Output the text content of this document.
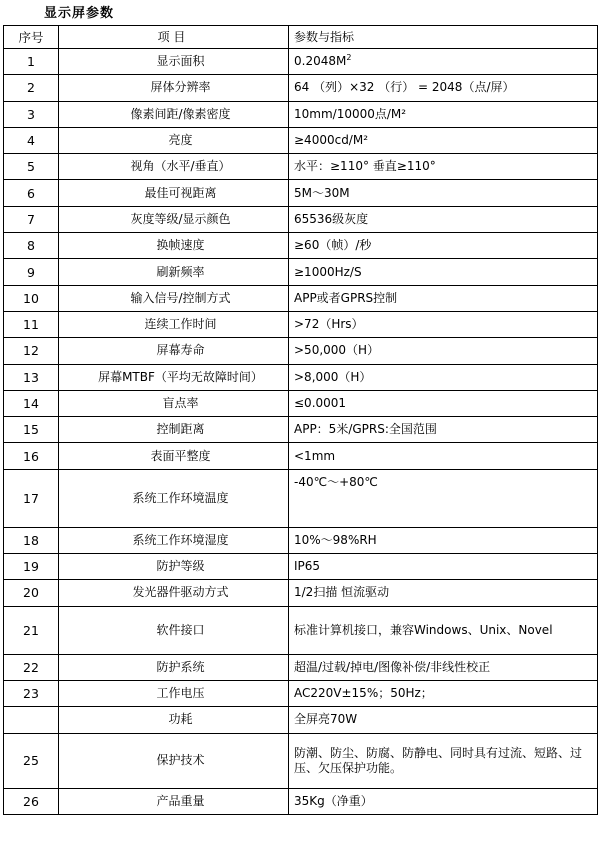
显示屏参数
序号	项 目	参数与指标
1	显示面积	$0.2048M^2$
2	屏体分辨率	64 （列）×32 （行） = 2048（点/屏）
3	像素间距/像素密度	10mm/10000点/M²
4	亮度	≥4000cd/M²
5	视角（水平/垂直）	水平：≥110° 垂直≥110°
6	最佳可视距离	5M～30M
7	灰度等级/显示颜色	65536级灰度
8	换帧速度	≥60（帧）/秒
9	刷新频率	≥1000Hz/S
10	输入信号/控制方式	APP或者GPRS控制
11	连续工作时间	>72（Hrs）
12	屏幕寿命	>50,000（H）
13	屏幕MTBF（平均无故障时间）	>8,000（H）
14	盲点率	≤0.0001
15	控制距离	APP：5米/GPRS:全国范围
16	表面平整度	<1mm
17	系统工作环境温度	-40℃～+80℃
18	系统工作环境湿度	10%～98%RH
19	防护等级	IP65
20	发光器件驱动方式	1/2扫描 恒流驱动
21	软件接口	标准计算机接口，兼容Windows、Unix、Novel
22	防护系统	超温/过载/掉电/图像补偿/非线性校正
23	工作电压	AC220V±15%；50Hz；
	功耗	全屏亮70W
25	保护技术	防潮、防尘、防腐、防静电、同时具有过流、短路、过压、欠压保护功能。
26	产品重量	35Kg（净重）
